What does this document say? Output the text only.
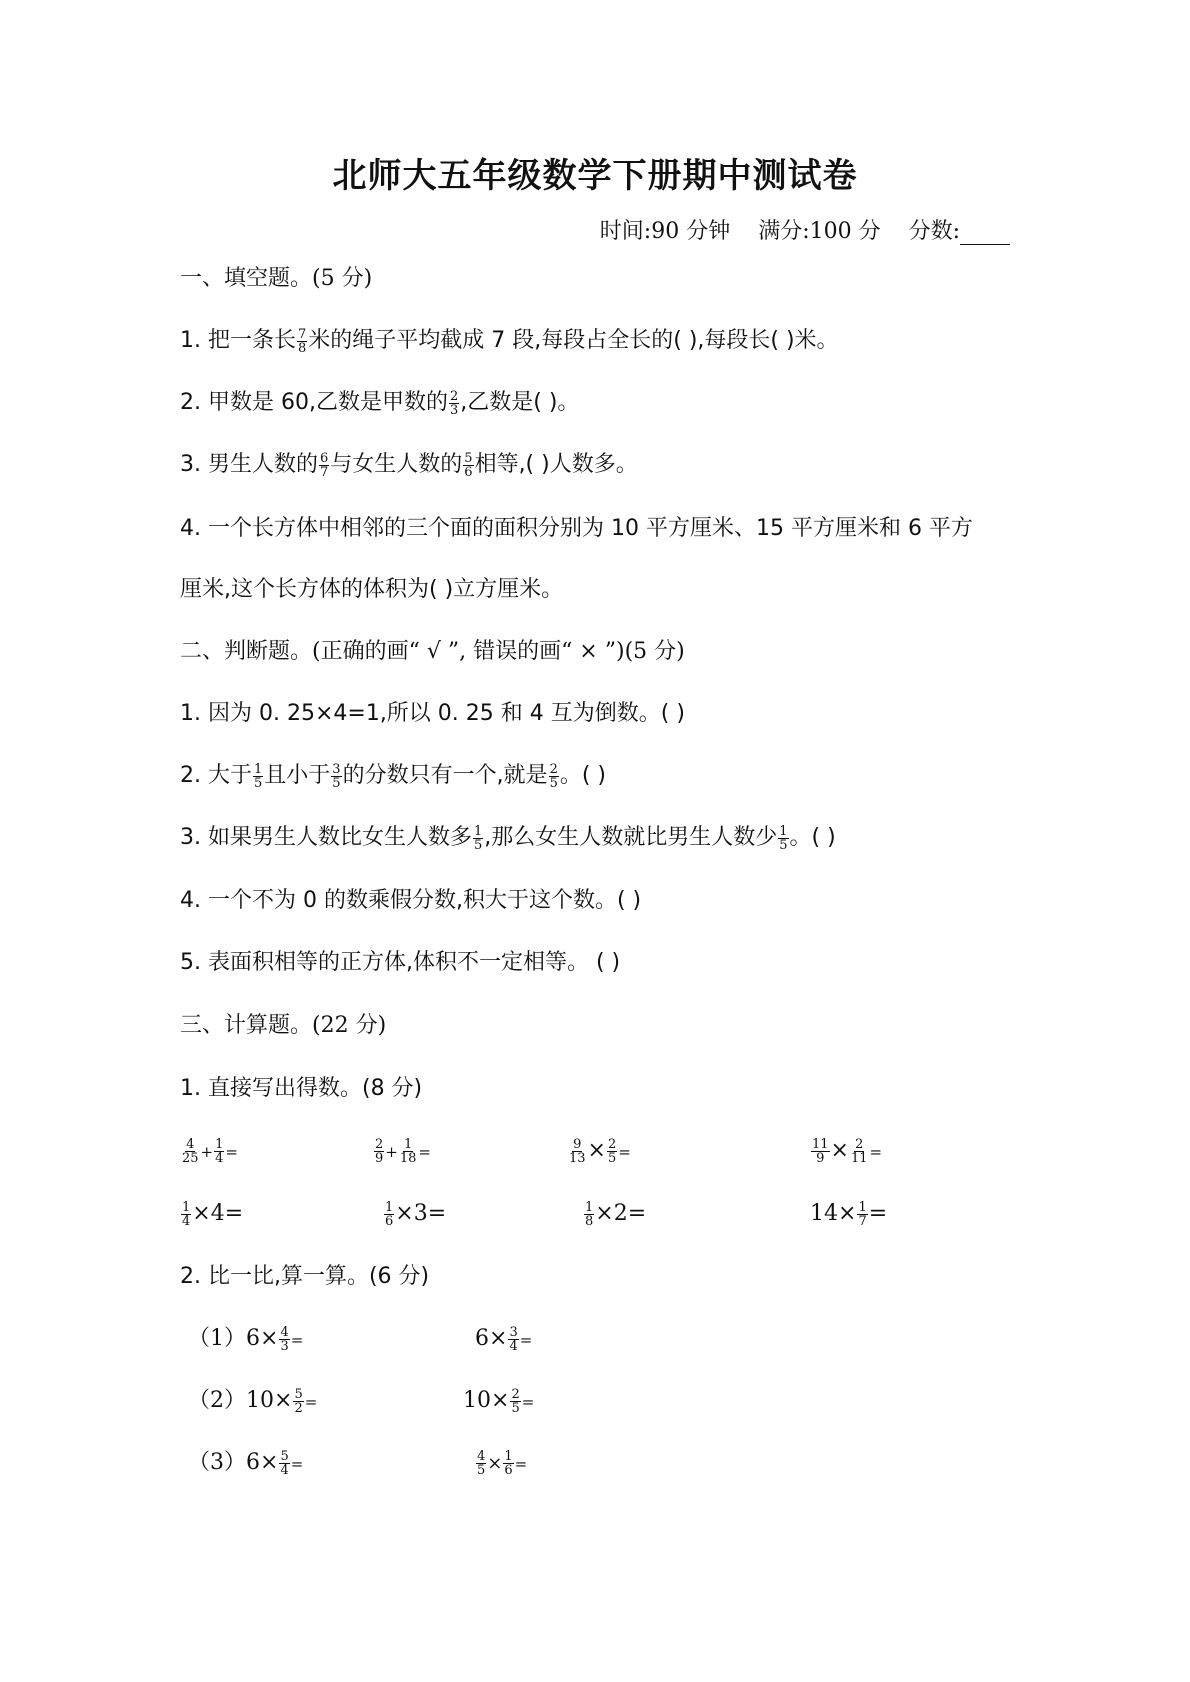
北师大五年级数学下册期中测试卷
时间:90 分钟 满分:100 分 分数:
一、填空题。(5 分)
1. 把一条长 $\frac{7}{8}$ 米的绳子平均截成 7 段,每段占全长的( ),每段长( )米。
2. 甲数是 60,乙数是甲数的 $\frac{2}{3}$ ,乙数是( )。
3. 男生人数的 $\frac{6}{7}$ 与女生人数的 $\frac{5}{6}$ 相等,( )人数多。
4. 一个长方体中相邻的三个面的面积分别为 10 平方厘米、15 平方厘米和 6 平方
厘米,这个长方体的体积为( )立方厘米。
二、判断题。(正确的画“ √ ”, 错误的画“ × ”)(5 分)
1. 因为 0. 25×4=1,所以 0. 25 和 4 互为倒数。( )
2. 大于 $\frac{1}{5}$ 且小于 $\frac{3}{5}$ 的分数只有一个,就是 $\frac{2}{5}$ 。( )
3. 如果男生人数比女生人数多 $\frac{1}{5}$ ,那么女生人数就比男生人数少 $\frac{1}{5}$ 。( )
4. 一个不为 0 的数乘假分数,积大于这个数。( )
5. 表面积相等的正方体,体积不一定相等。 ( )
三、计算题。(22 分)
1. 直接写出得数。(8 分)
$\frac{4}{25} + \frac{1}{4}$ =	$\frac{2}{9} + \frac{1}{18}$ =	$\frac{9}{13} \times \frac{2}{5}$ =	$\frac{11}{9} \times \frac{2}{11}$ =
$\frac{1}{4} \times 4=$	$\frac{1}{6} \times 3=$	$\frac{1}{8} \times 2=$	$14\times \frac{1}{7}$ =
2. 比一比,算一算。(6 分)
$(1)6\times \frac{4}{3}$ =	$6\times \frac{3}{4}$ =
$(2)10\times \frac{5}{2}$ =	$10\times \frac{2}{5}$ =
$(3)6\times \frac{5}{4}$ =	$\frac{4}{5} \times \frac{1}{6}$ =
